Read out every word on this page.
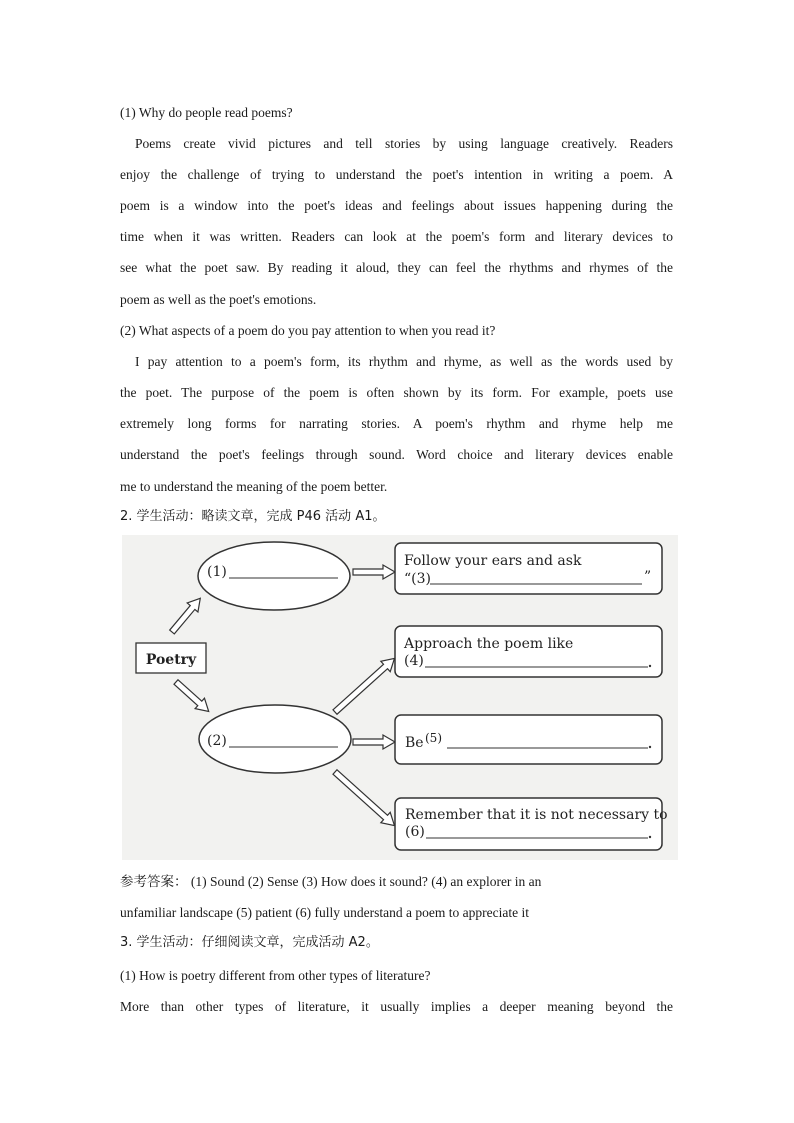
(1) Why do people read poems?
Poems create vivid pictures and tell stories by using language creatively. Readers
enjoy the challenge of trying to understand the poet's intention in writing a poem. A
poem is a window into the poet's ideas and feelings about issues happening during the
time when it was written. Readers can look at the poem's form and literary devices to
see what the poet saw. By reading it aloud, they can feel the rhythms and rhymes of the
poem as well as the poet's emotions.
(2) What aspects of a poem do you pay attention to when you read it?
I pay attention to a poem's form, its rhythm and rhyme, as well as the words used by
the poet. The purpose of the poem is often shown by its form. For example, poets use
extremely long forms for narrating stories. A poem's rhythm and rhyme help me
understand the poet's feelings through sound. Word choice and literary devices enable
me to understand the meaning of the poem better.
2. 学生活动：略读文章，完成 P46 活动 A1。
Poetry
(1)
(2)
Follow your ears and ask
“(3)	”
Approach the poem like
(4)
Be (5)
Remember that it is not necessary to
(6)
参考答案： (1) Sound (2) Sense (3) How does it sound? (4) an explorer in an
unfamiliar landscape (5) patient (6) fully understand a poem to appreciate it
3. 学生活动：仔细阅读文章，完成活动 A2。
(1) How is poetry different from other types of literature?
More than other types of literature, it usually implies a deeper meaning beyond the
